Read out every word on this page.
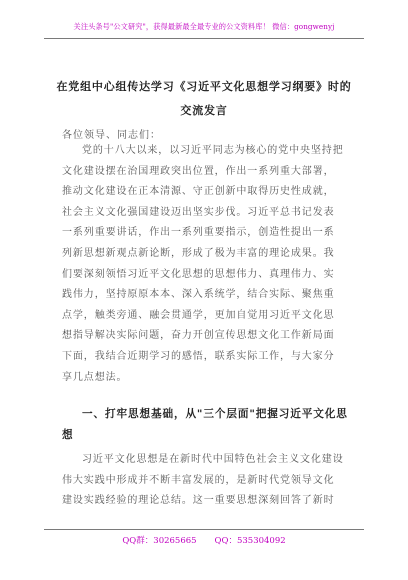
关注头条号"公文研究"，获得最新最全最专业的公文资料库！ 微信：gongwenyj
在党组中心组传达学习《习近平文化思想学习纲要》时的
交流发言
各位领导、同志们：
党的十八大以来，以习近平同志为核心的党中央坚持把
文化建设摆在治国理政突出位置，作出一系列重大部署，
推动文化建设在正本清源、守正创新中取得历史性成就，
社会主义文化强国建设迈出坚实步伐。习近平总书记发表
一系列重要讲话，作出一系列重要指示，创造性提出一系
列新思想新观点新论断，形成了极为丰富的理论成果。我
们要深刻领悟习近平文化思想的思想伟力、真理伟力、实
践伟力，坚持原原本本、深入系统学，结合实际、聚焦重
点学，触类旁通、融会贯通学，更加自觉用习近平文化思
想指导解决实际问题，奋力开创宣传思想文化工作新局面
下面，我结合近期学习的感悟，联系实际工作，与大家分
享几点想法。
一、打牢思想基础，从"三个层面"把握习近平文化思
想
习近平文化思想是在新时代中国特色社会主义文化建设
伟大实践中形成并不断丰富发展的，是新时代党领导文化
建设实践经验的理论总结。这一重要思想深刻回答了新时
QQ群：30265665 QQ：535304092
